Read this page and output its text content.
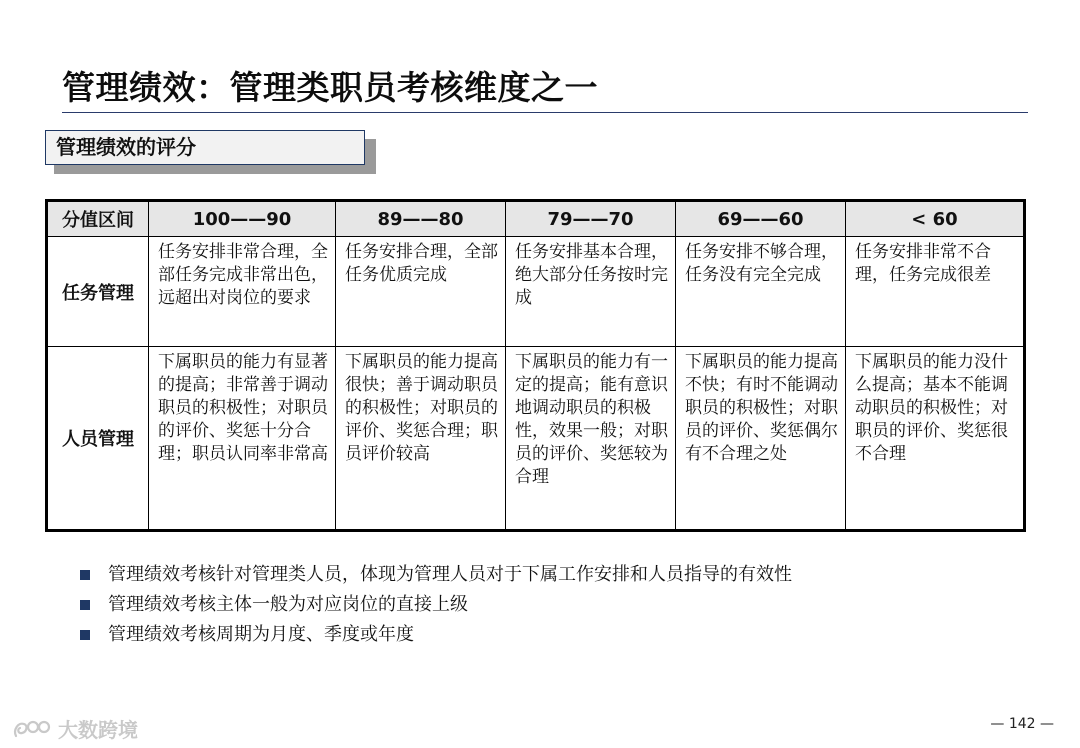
管理绩效：管理类职员考核维度之一
管理绩效的评分
分值区间	100——90	89——80	79——70	69——60	< 60
任务管理	任务安排非常合理，全部任务完成非常出色，远超出对岗位的要求	任务安排合理，全部任务优质完成	任务安排基本合理，绝大部分任务按时完成	任务安排不够合理，任务没有完全完成	任务安排非常不合理，任务完成很差
人员管理	下属职员的能力有显著的提高；非常善于调动职员的积极性；对职员的评价、奖惩十分合理；职员认同率非常高	下属职员的能力提高很快；善于调动职员的积极性；对职员的评价、奖惩合理；职员评价较高	下属职员的能力有一定的提高；能有意识地调动职员的积极性，效果一般；对职员的评价、奖惩较为合理	下属职员的能力提高不快；有时不能调动职员的积极性；对职员的评价、奖惩偶尔有不合理之处	下属职员的能力没什么提高；基本不能调动职员的积极性；对职员的评价、奖惩很不合理
管理绩效考核针对管理类人员，体现为管理人员对于下属工作安排和人员指导的有效性
管理绩效考核主体一般为对应岗位的直接上级
管理绩效考核周期为月度、季度或年度
大数跨境	— 142 —
